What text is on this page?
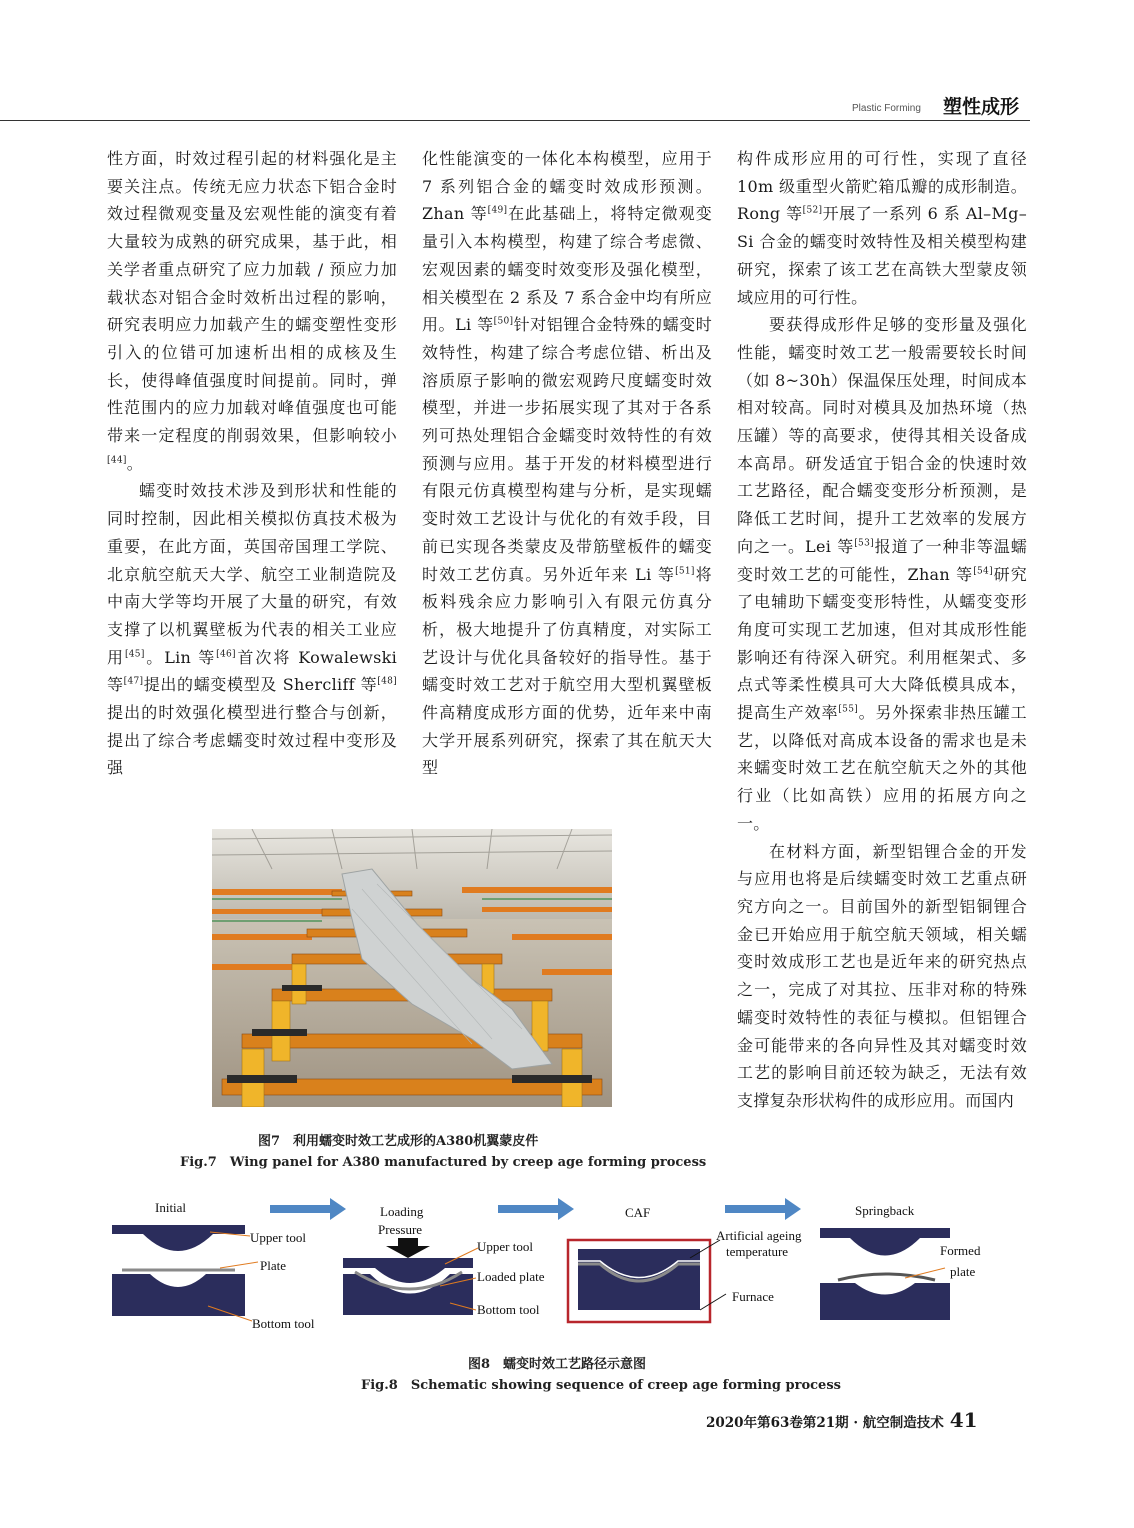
Plastic Forming 塑性成形

性方面，时效过程引起的材料强化是主要关注点。传统无应力状态下铝合金时效过程微观变量及宏观性能的演变有着大量较为成熟的研究成果，基于此，相关学者重点研究了应力加载 / 预应力加载状态对铝合金时效析出过程的影响，研究表明应力加载产生的蠕变塑性变形引入的位错可加速析出相的成核及生长，使得峰值强度时间提前。同时，弹性范围内的应力加载对峰值强度也可能带来一定程度的削弱效果，但影响较小[44]。

蠕变时效技术涉及到形状和性能的同时控制，因此相关模拟仿真技术极为重要，在此方面，英国帝国理工学院、北京航空航天大学、航空工业制造院及中南大学等均开展了大量的研究，有效支撑了以机翼壁板为代表的相关工业应用[45]。Lin 等[46]首次将 Kowalewski 等[47]提出的蠕变模型及 Shercliff 等[48]提出的时效强化模型进行整合与创新，提出了综合考虑蠕变时效过程中变形及强

化性能演变的一体化本构模型，应用于 7 系列铝合金的蠕变时效成形预测。Zhan 等[49]在此基础上，将特定微观变量引入本构模型，构建了综合考虑微、宏观因素的蠕变时效变形及强化模型，相关模型在 2 系及 7 系合金中均有所应用。Li 等[50]针对铝锂合金特殊的蠕变时效特性，构建了综合考虑位错、析出及溶质原子影响的微宏观跨尺度蠕变时效模型，并进一步拓展实现了其对于各系列可热处理铝合金蠕变时效特性的有效预测与应用。基于开发的材料模型进行有限元仿真模型构建与分析，是实现蠕变时效工艺设计与优化的有效手段，目前已实现各类蒙皮及带筋壁板件的蠕变时效工艺仿真。另外近年来 Li 等[51]将板料残余应力影响引入有限元仿真分析，极大地提升了仿真精度，对实际工艺设计与优化具备较好的指导性。基于蠕变时效工艺对于航空用大型机翼壁板件高精度成形方面的优势，近年来中南大学开展系列研究，探索了其在航天大型

构件成形应用的可行性，实现了直径 10m 级重型火箭贮箱瓜瓣的成形制造。Rong 等[52]开展了一系列 6 系 Al–Mg–Si 合金的蠕变时效特性及相关模型构建研究，探索了该工艺在高铁大型蒙皮领域应用的可行性。

要获得成形件足够的变形量及强化性能，蠕变时效工艺一般需要较长时间（如 8~30h）保温保压处理，时间成本相对较高。同时对模具及加热环境（热压罐）等的高要求，使得其相关设备成本高昂。研发适宜于铝合金的快速时效工艺路径，配合蠕变变形分析预测，是降低工艺时间，提升工艺效率的发展方向之一。Lei 等[53]报道了一种非等温蠕变时效工艺的可能性，Zhan 等[54]研究了电辅助下蠕变变形特性，从蠕变变形角度可实现工艺加速，但对其成形性能影响还有待深入研究。利用框架式、多点式等柔性模具可大大降低模具成本，提高生产效率[55]。另外探索非热压罐工艺，以降低对高成本设备的需求也是未来蠕变时效工艺在航空航天之外的其他行业（比如高铁）应用的拓展方向之一。

在材料方面，新型铝锂合金的开发与应用也将是后续蠕变时效工艺重点研究方向之一。目前国外的新型铝铜锂合金已开始应用于航空航天领域，相关蠕变时效成形工艺也是近年来的研究热点之一，完成了对其拉、压非对称的特殊蠕变时效特性的表征与模拟。但铝锂合金可能带来的各向异性及其对蠕变时效工艺的影响目前还较为缺乏，无法有效支撑复杂形状构件的成形应用。而国内

图7　利用蠕变时效工艺成形的A380机翼蒙皮件
Fig.7　Wing panel for A380 manufactured by creep age forming process
Initial
Upper tool
Plate
Bottom tool
Loading
Pressure
Upper tool
Loaded plate
Bottom tool
CAF
Artificial ageing
temperature
Furnace
Springback
Formed
plate
图8　蠕变时效工艺路径示意图
Fig.8　Schematic showing sequence of creep age forming process
2020年第63卷第21期 · 航空制造技术 41
